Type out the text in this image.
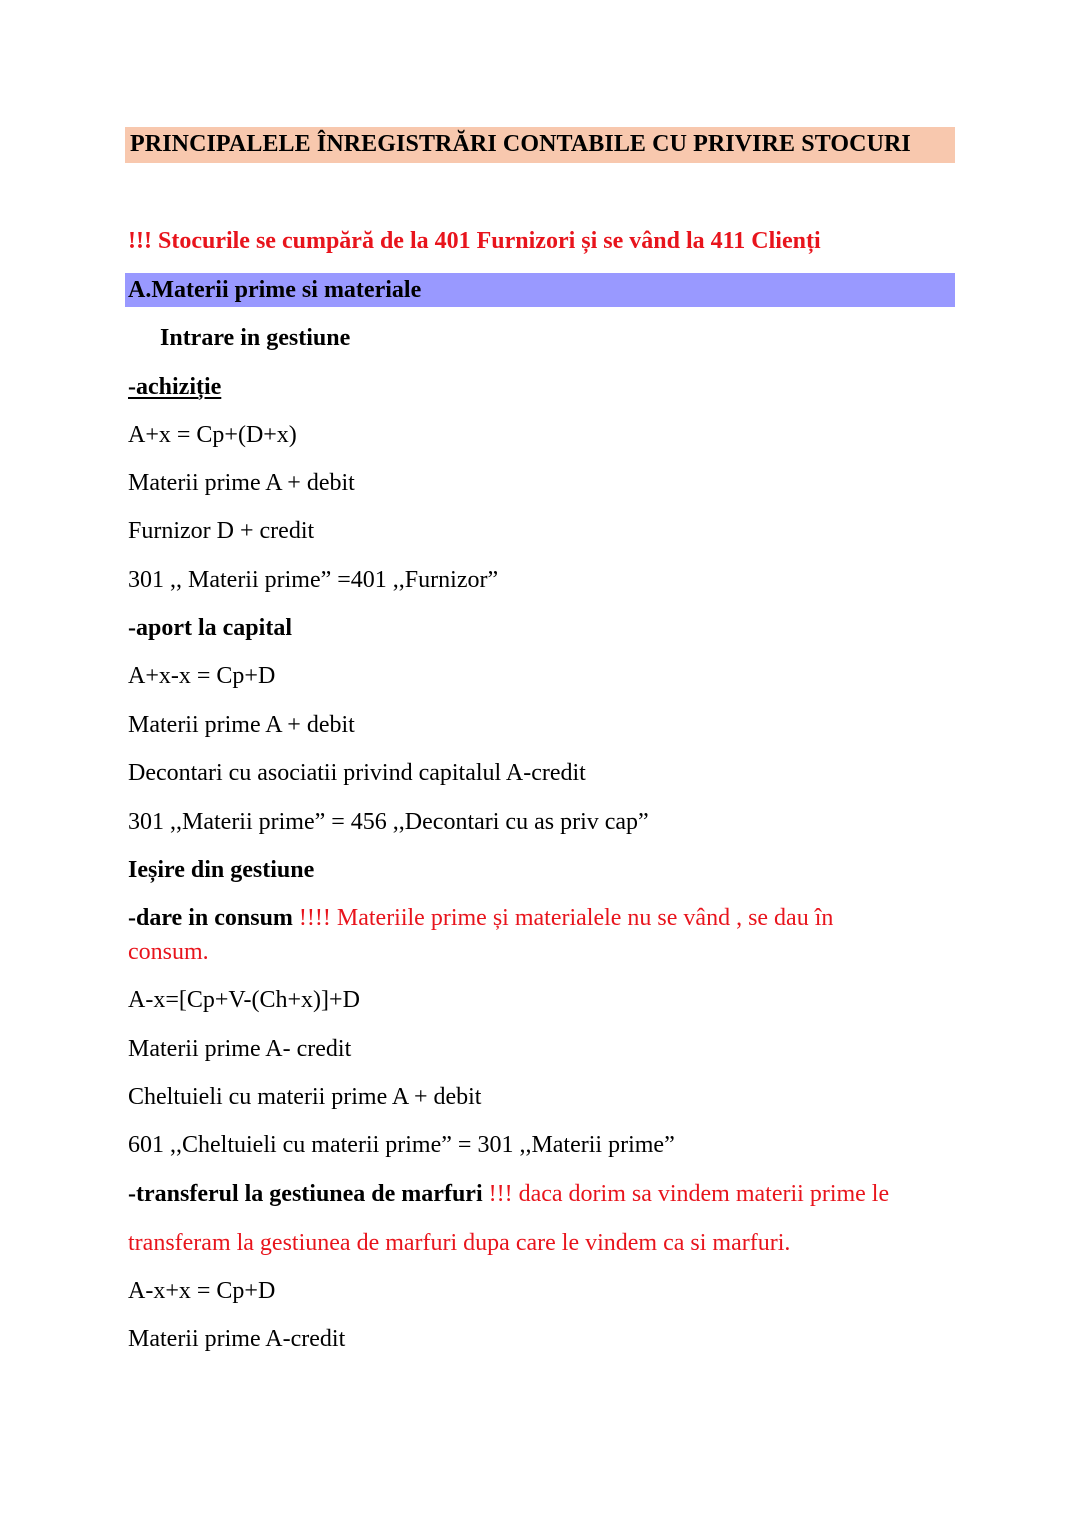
PRINCIPALELE ÎNREGISTRĂRI CONTABILE CU PRIVIRE STOCURI
!!! Stocurile se cumpără de la 401 Furnizori și se vând la 411 Clienți
A.Materii prime si materiale
Intrare in gestiune
-achiziție
A+x = Cp+(D+x)
Materii prime A + debit
Furnizor D + credit
301 ,, Materii prime” =401 ,,Furnizor”
-aport la capital
A+x-x = Cp+D
Materii prime A + debit
Decontari cu asociatii privind capitalul A-credit
301 ,,Materii prime” = 456 ,,Decontari cu as priv cap”
Ieșire din gestiune
-dare in consum !!!! Materiile prime și materialele nu se vând , se dau în
consum.
A-x=[Cp+V-(Ch+x)]+D
Materii prime A- credit
Cheltuieli cu materii prime A + debit
601 ,,Cheltuieli cu materii prime” = 301 ,,Materii prime”
-transferul la gestiunea de marfuri !!! daca dorim sa vindem materii prime le
transferam la gestiunea de marfuri dupa care le vindem ca si marfuri.
A-x+x = Cp+D
Materii prime A-credit
